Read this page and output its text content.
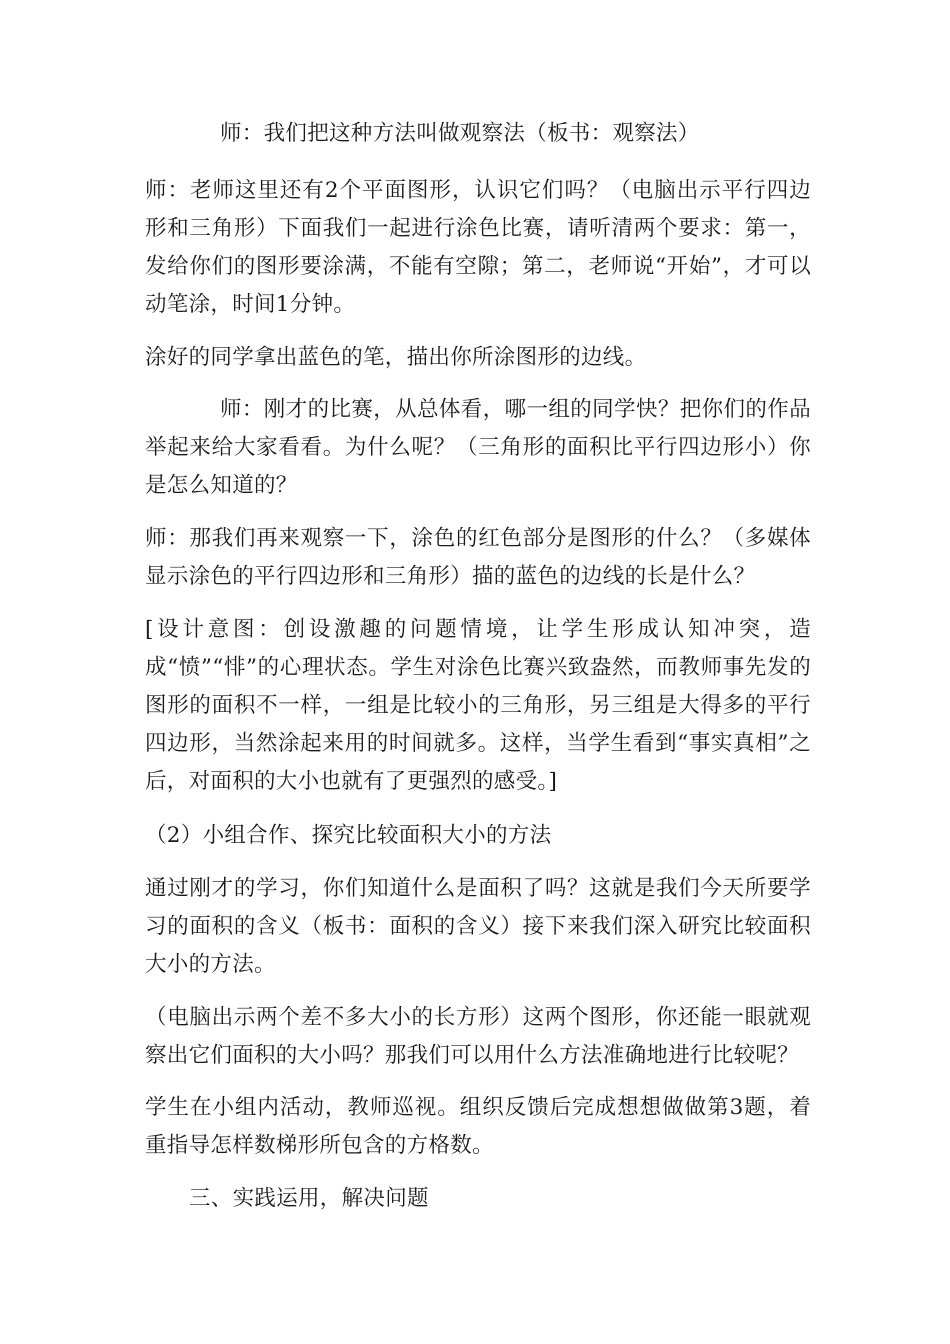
师：我们把这种方法叫做观察法（板书：观察法）

师：老师这里还有2个平面图形，认识它们吗？（电脑出示平行四边形和三角形）下面我们一起进行涂色比赛，请听清两个要求：第一，发给你们的图形要涂满，不能有空隙；第二，老师说“开始”，才可以动笔涂，时间1分钟。

涂好的同学拿出蓝色的笔，描出你所涂图形的边线。

师：刚才的比赛，从总体看，哪一组的同学快？把你们的作品举起来给大家看看。为什么呢？（三角形的面积比平行四边形小）你是怎么知道的？

师：那我们再来观察一下，涂色的红色部分是图形的什么？（多媒体显示涂色的平行四边形和三角形）描的蓝色的边线的长是什么？

[设计意图：创设激趣的问题情境，让学生形成认知冲突，造成“愤”“悱”的心理状态。学生对涂色比赛兴致盎然，而教师事先发的图形的面积不一样，一组是比较小的三角形，另三组是大得多的平行四边形，当然涂起来用的时间就多。这样，当学生看到“事实真相”之后，对面积的大小也就有了更强烈的感受。]

（2）小组合作、探究比较面积大小的方法

通过刚才的学习，你们知道什么是面积了吗？这就是我们今天所要学习的面积的含义（板书：面积的含义）接下来我们深入研究比较面积大小的方法。

（电脑出示两个差不多大小的长方形）这两个图形，你还能一眼就观察出它们面积的大小吗？那我们可以用什么方法准确地进行比较呢？

学生在小组内活动，教师巡视。组织反馈后完成想想做做第3题，着重指导怎样数梯形所包含的方格数。

三、实践运用，解决问题
